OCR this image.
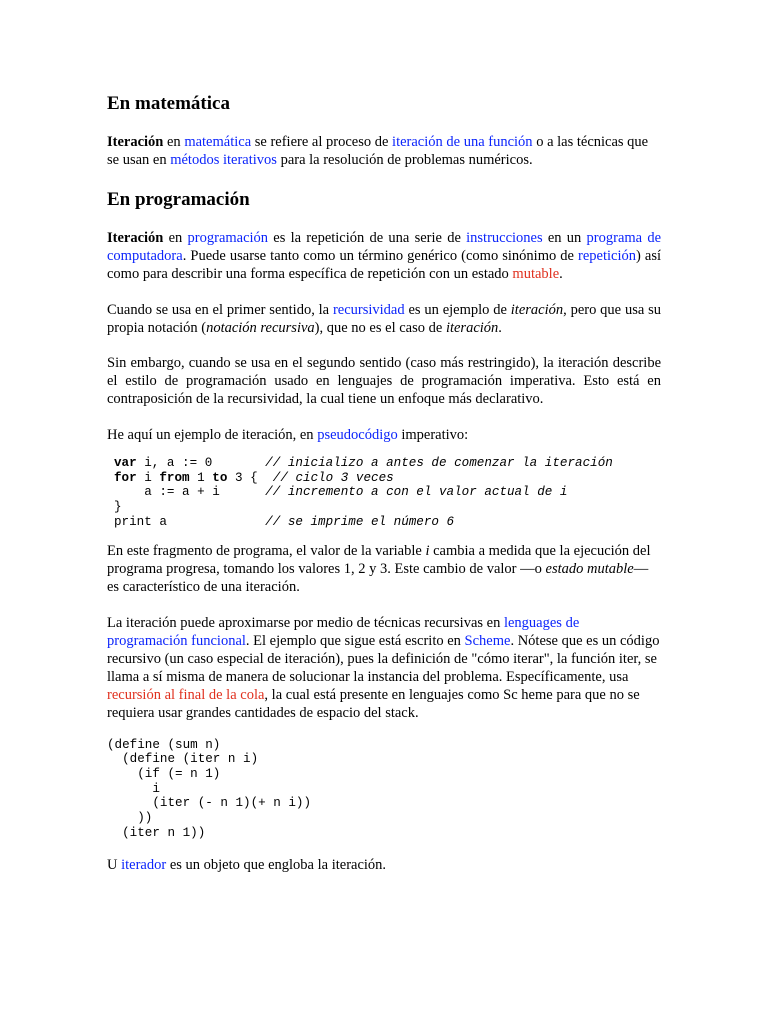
En matemática

Iteración en matemática se refiere al proceso de iteración de una función o a las técnicas que se usan en métodos iterativos para la resolución de problemas numéricos.

En programación

Iteración en programación es la repetición de una serie de instrucciones en un programa de computadora. Puede usarse tanto como un término genérico (como sinónimo de repetición) así como para describir una forma específica de repetición con un estado mutable.

Cuando se usa en el primer sentido, la recursividad es un ejemplo de iteración, pero que usa su propia notación (notación recursiva), que no es el caso de iteración.

Sin embargo, cuando se usa en el segundo sentido (caso más restringido), la iteración describe el estilo de programación usado en lenguajes de programación imperativa. Esto está en contraposición de la recursividad, la cual tiene un enfoque más declarativo.

He aquí un ejemplo de iteración, en pseudocódigo imperativo:

var i, a := 0       // inicializo a antes de comenzar la iteración
for i from 1 to 3 {  // ciclo 3 veces
a := a + i      // incremento a con el valor actual de i
}
print a             // se imprime el número 6

En este fragmento de programa, el valor de la variable i cambia a medida que la ejecución del programa progresa, tomando los valores 1, 2 y 3. Este cambio de valor —o estado mutable— es característico de una iteración.

La iteración puede aproximarse por medio de técnicas recursivas en lenguages de programación funcional. El ejemplo que sigue está escrito en Scheme. Nótese que es un código recursivo (un caso especial de iteración), pues la definición de "cómo iterar", la función iter, se llama a sí misma de manera de solucionar la instancia del problema. Específicamente, usa recursión al final de la cola, la cual está presente en lenguajes como Sc heme para que no se requiera usar grandes cantidades de espacio del stack.

(define (sum n)
(define (iter n i)
(if (= n 1)
i
(iter (- n 1)(+ n i))
))
(iter n 1))

U iterador es un objeto que engloba la iteración.
